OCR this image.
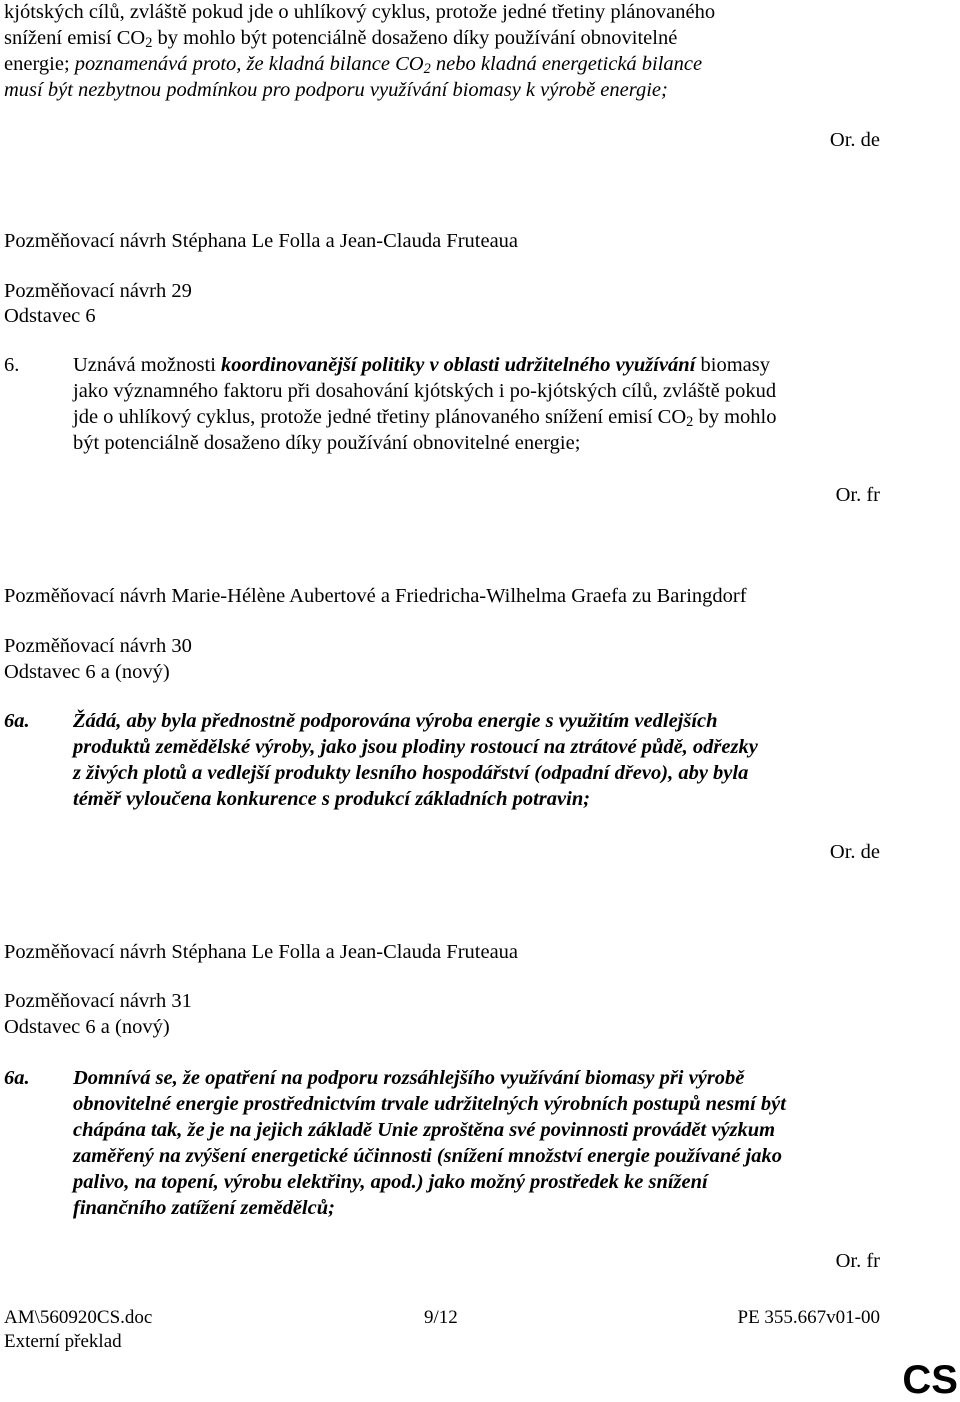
kjótských cílů, zvláště pokud jde o uhlíkový cyklus, protože jedné třetiny plánovaného
snížení emisí $CO_2$ by mohlo být potenciálně dosaženo díky používání obnovitelné
energie; poznamenává proto, že kladná bilance $CO_2$ nebo kladná energetická bilance
musí být nezbytnou podmínkou pro podporu využívání biomasy k výrobě energie;
Or. de
Pozměňovací návrh Stéphana Le Folla a Jean-Clauda Fruteaua
Pozměňovací návrh 29
Odstavec 6
6.	Uznává možnosti koordinovanější politiky v oblasti udržitelného využívání biomasy
jako významného faktoru při dosahování kjótských i po-kjótských cílů, zvláště pokud
jde o uhlíkový cyklus, protože jedné třetiny plánovaného snížení emisí $CO_2$ by mohlo
být potenciálně dosaženo díky používání obnovitelné energie;
Or. fr
Pozměňovací návrh Marie-Hélène Aubertové a Friedricha-Wilhelma Graefa zu Baringdorf
Pozměňovací návrh 30
Odstavec 6 a (nový)
6a. Žádá, aby byla přednostně podporována výroba energie s využitím vedlejších
produktů zemědělské výroby, jako jsou plodiny rostoucí na ztrátové půdě, odřezky
z živých plotů a vedlejší produkty lesního hospodářství (odpadní dřevo), aby byla
téměř vyloučena konkurence s produkcí základních potravin;
Or. de
Pozměňovací návrh Stéphana Le Folla a Jean-Clauda Fruteaua
Pozměňovací návrh 31
Odstavec 6 a (nový)
6a. Domnívá se, že opatření na podporu rozsáhlejšího využívání biomasy při výrobě
obnovitelné energie prostřednictvím trvale udržitelných výrobních postupů nesmí být
chápána tak, že je na jejich základě Unie zproštěna své povinnosti provádět výzkum
zaměřený na zvýšení energetické účinnosti (snížení množství energie používané jako
palivo, na topení, výrobu elektřiny, apod.) jako možný prostředek ke snížení
finančního zatížení zemědělců;
Or. fr
AM\560920CS.doc	9/12	PE 355.667v01-00
Externí překlad
CS
